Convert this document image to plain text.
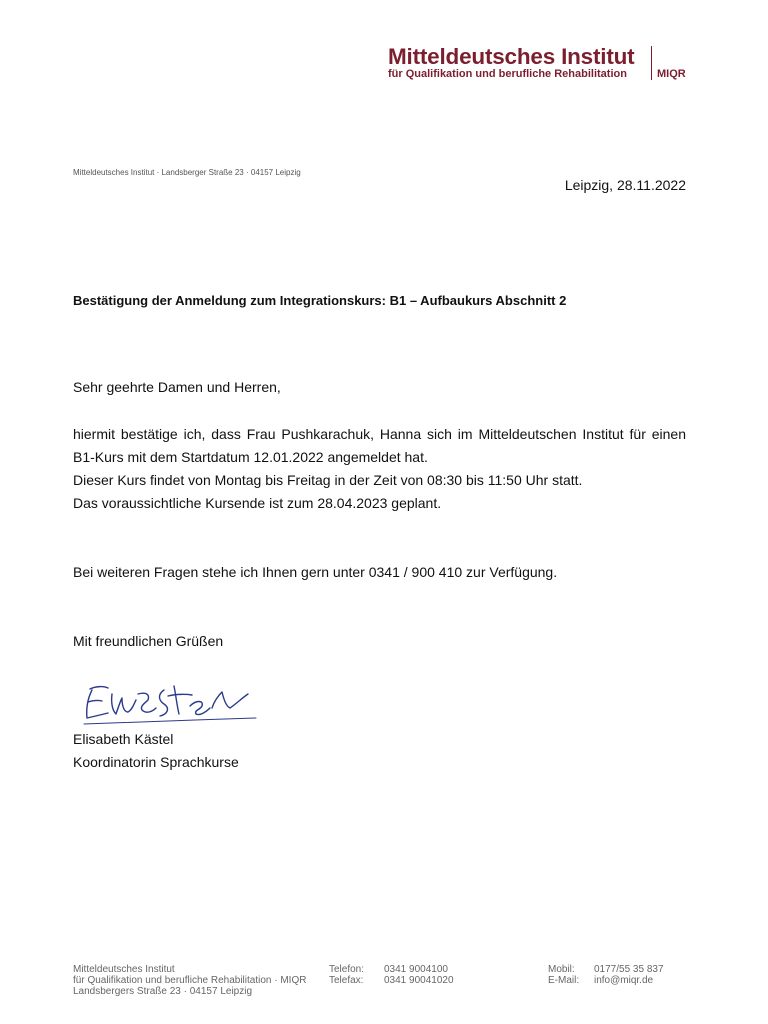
Mitteldeutsches Institut
für Qualifikation und berufliche Rehabilitation	MIQR
Mitteldeutsches Institut · Landsberger Straße 23 · 04157 Leipzig
Leipzig, 28.11.2022
Bestätigung der Anmeldung zum Integrationskurs: B1 – Aufbaukurs Abschnitt 2
Sehr geehrte Damen und Herren,
hiermit bestätige ich, dass Frau Pushkarachuk, Hanna sich im Mitteldeutschen Institut für einen
B1-Kurs mit dem Startdatum 12.01.2022 angemeldet hat.
Dieser Kurs findet von Montag bis Freitag in der Zeit von 08:30 bis 11:50 Uhr statt.
Das voraussichtliche Kursende ist zum 28.04.2023 geplant.
Bei weiteren Fragen stehe ich Ihnen gern unter 0341 / 900 410 zur Verfügung.
Mit freundlichen Grüßen
Elisabeth Kästel
Koordinatorin Sprachkurse
Mitteldeutsches Institut
für Qualifikation und berufliche Rehabilitation · MIQR
Landsbergers Straße 23 · 04157 Leipzig
Telefon:
Telefax:
0341 9004100
0341 90041020
Mobil:
E-Mail:
0177/55 35 837
info@miqr.de
